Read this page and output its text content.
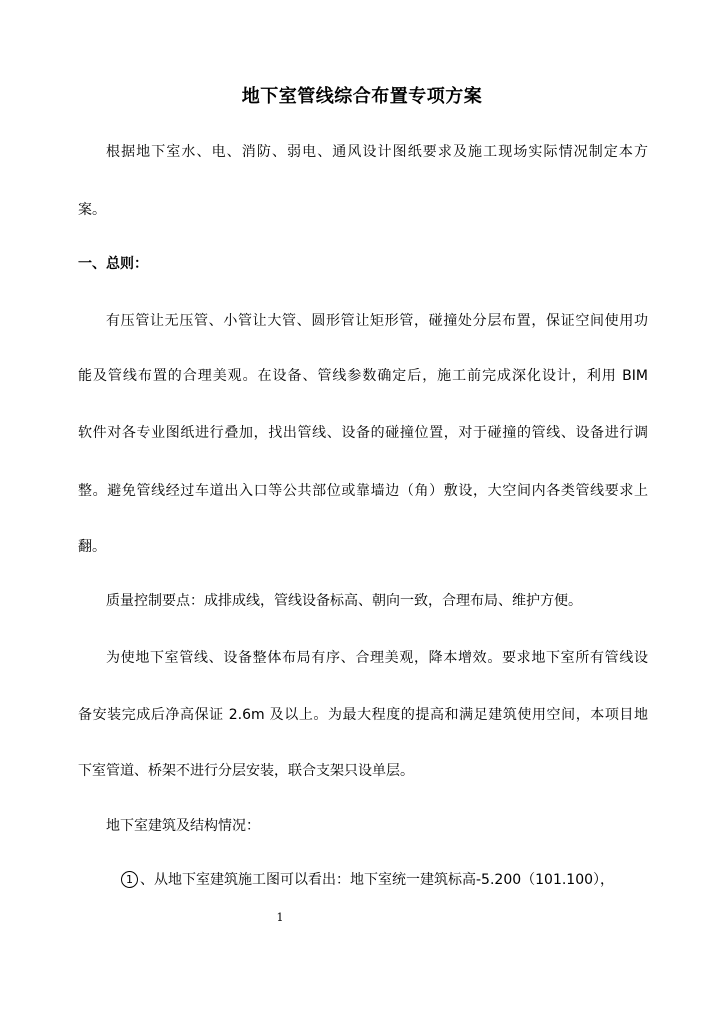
地下室管线综合布置专项方案
根据地下室水、电、消防、弱电、通风设计图纸要求及施工现场实际情况制定本方
案。
一、总则：
有压管让无压管、小管让大管、圆形管让矩形管，碰撞处分层布置，保证空间使用功
能及管线布置的合理美观。在设备、管线参数确定后，施工前完成深化设计，利用 BIM
软件对各专业图纸进行叠加，找出管线、设备的碰撞位置，对于碰撞的管线、设备进行调
整。避免管线经过车道出入口等公共部位或靠墙边（角）敷设，大空间内各类管线要求上
翻。
质量控制要点：成排成线，管线设备标高、朝向一致，合理布局、维护方便。
为使地下室管线、设备整体布局有序、合理美观，降本增效。要求地下室所有管线设
备安装完成后净高保证 2.6m 及以上。为最大程度的提高和满足建筑使用空间，本项目地
下室管道、桥架不进行分层安装，联合支架只设单层。
地下室建筑及结构情况：
1 、从地下室建筑施工图可以看出：地下室统一建筑标高-5.200（101.100），
1
